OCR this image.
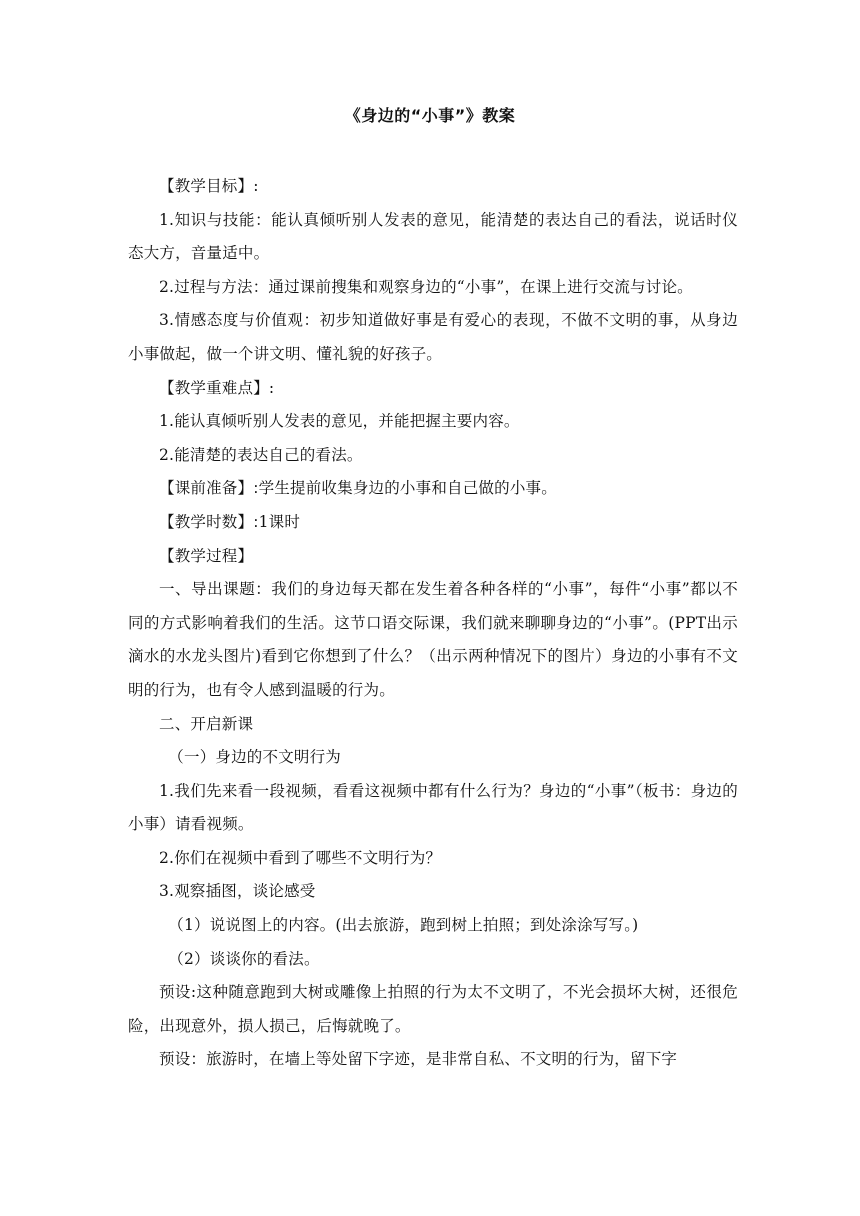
《身边的“小事”》教案

【教学目标】:

1.知识与技能：能认真倾听别人发表的意见，能清楚的表达自己的看法，说话时仪态大方，音量适中。

2.过程与方法：通过课前搜集和观察身边的“小事”，在课上进行交流与讨论。

3.情感态度与价值观：初步知道做好事是有爱心的表现，不做不文明的事，从身边小事做起，做一个讲文明、懂礼貌的好孩子。

【教学重难点】:

1.能认真倾听别人发表的意见，并能把握主要内容。

2.能清楚的表达自己的看法。

【课前准备】:学生提前收集身边的小事和自己做的小事。

【教学时数】:1课时

【教学过程】

一、导出课题：我们的身边每天都在发生着各种各样的“小事”，每件“小事”都以不同的方式影响着我们的生活。这节口语交际课，我们就来聊聊身边的“小事”。(PPT出示滴水的水龙头图片)看到它你想到了什么？（出示两种情况下的图片）身边的小事有不文明的行为，也有令人感到温暖的行为。

二、开启新课

（一）身边的不文明行为

1.我们先来看一段视频，看看这视频中都有什么行为？身边的“小事”（板书：身边的小事）请看视频。

2.你们在视频中看到了哪些不文明行为？

3.观察插图，谈论感受

（1）说说图上的内容。(出去旅游，跑到树上拍照；到处涂涂写写。)

（2）谈谈你的看法。

预设:这种随意跑到大树或雕像上拍照的行为太不文明了，不光会损坏大树，还很危险，出现意外，损人损己，后悔就晚了。

预设：旅游时，在墙上等处留下字迹，是非常自私、不文明的行为，留下字
